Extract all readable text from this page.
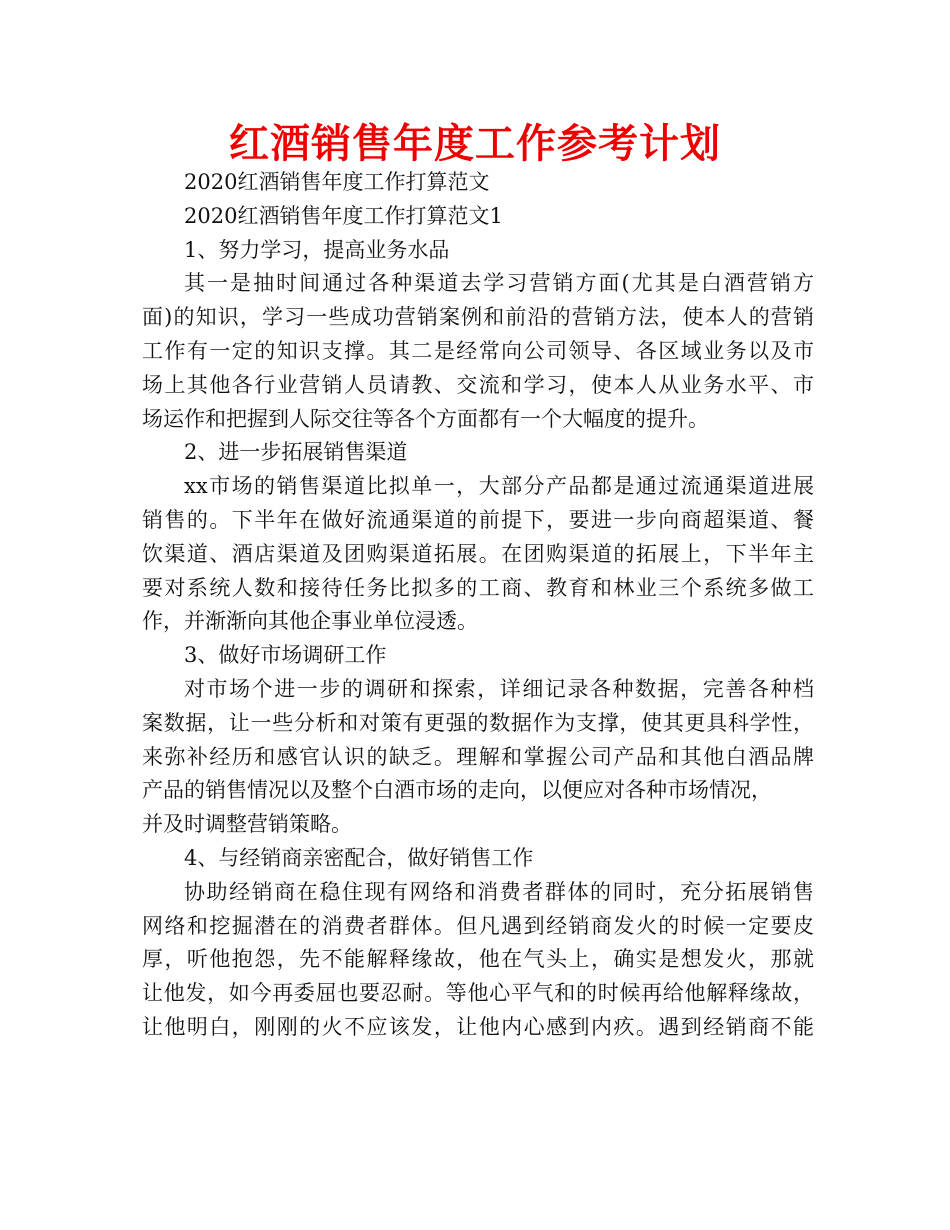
红酒销售年度工作参考计划
2020红酒销售年度工作打算范文
2020红酒销售年度工作打算范文1
1、努力学习，提高业务水品
其一是抽时间通过各种渠道去学习营销方面(尤其是白酒营销方
面)的知识，学习一些成功营销案例和前沿的营销方法，使本人的营销
工作有一定的知识支撑。其二是经常向公司领导、各区域业务以及市
场上其他各行业营销人员请教、交流和学习，使本人从业务水平、市
场运作和把握到人际交往等各个方面都有一个大幅度的提升。
2、进一步拓展销售渠道
xx市场的销售渠道比拟单一，大部分产品都是通过流通渠道进展
销售的。下半年在做好流通渠道的前提下，要进一步向商超渠道、餐
饮渠道、酒店渠道及团购渠道拓展。在团购渠道的拓展上，下半年主
要对系统人数和接待任务比拟多的工商、教育和林业三个系统多做工
作，并渐渐向其他企事业单位浸透。
3、做好市场调研工作
对市场个进一步的调研和探索，详细记录各种数据，完善各种档
案数据，让一些分析和对策有更强的数据作为支撑，使其更具科学性，
来弥补经历和感官认识的缺乏。理解和掌握公司产品和其他白酒品牌
产品的销售情况以及整个白酒市场的走向，以便应对各种市场情况，
并及时调整营销策略。
4、与经销商亲密配合，做好销售工作
协助经销商在稳住现有网络和消费者群体的同时，充分拓展销售
网络和挖掘潜在的消费者群体。但凡遇到经销商发火的时候一定要皮
厚，听他抱怨，先不能解释缘故，他在气头上，确实是想发火，那就
让他发，如今再委屈也要忍耐。等他心平气和的时候再给他解释缘故，
让他明白，刚刚的火不应该发，让他内心感到内疚。遇到经销商不能
